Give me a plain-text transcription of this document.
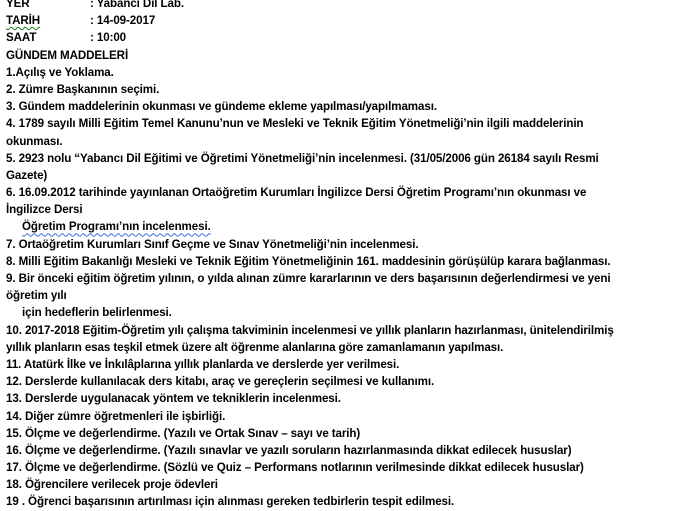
YER	: Yabancı Dil Lab.
TARİH	: 14-09-2017
SAAT	: 10:00
GÜNDEM MADDELERİ
1.Açılış ve Yoklama.
2. Zümre Başkanının seçimi.
3. Gündem maddelerinin okunması ve gündeme ekleme yapılması/yapılmaması.
4. 1789 sayılı Milli Eğitim Temel Kanunu’nun ve Mesleki ve Teknik Eğitim Yönetmeliği’nin ilgili maddelerinin
okunması.
5. 2923 nolu “Yabancı Dil Eğitimi ve Öğretimi Yönetmeliği’nin incelenmesi. (31/05/2006 gün 26184 sayılı Resmi
Gazete)
6. 16.09.2012 tarihinde yayınlanan Ortaöğretim Kurumları İngilizce Dersi Öğretim Programı’nın okunması ve
İngilizce Dersi
Öğretim Programı’nın incelenmesi.
7. Ortaöğretim Kurumları Sınıf Geçme ve Sınav Yönetmeliği’nin incelenmesi.
8. Milli Eğitim Bakanlığı Mesleki ve Teknik Eğitim Yönetmeliğinin 161. maddesinin görüşülüp karara bağlanması.
9. Bir önceki eğitim öğretim yılının, o yılda alınan zümre kararlarının ve ders başarısının değerlendirmesi ve yeni
öğretim yılı
için hedeflerin belirlenmesi.
10. 2017-2018 Eğitim-Öğretim yılı çalışma takviminin incelenmesi ve yıllık planların hazırlanması, ünitelendirilmiş
yıllık planların esas teşkil etmek üzere alt öğrenme alanlarına göre zamanlamanın yapılması.
11. Atatürk İlke ve İnkılâplarına yıllık planlarda ve derslerde yer verilmesi.
12. Derslerde kullanılacak ders kitabı, araç ve gereçlerin seçilmesi ve kullanımı.
13. Derslerde uygulanacak yöntem ve tekniklerin incelenmesi.
14. Diğer zümre öğretmenleri ile işbirliği.
15. Ölçme ve değerlendirme. (Yazılı ve Ortak Sınav – sayı ve tarih)
16. Ölçme ve değerlendirme. (Yazılı sınavlar ve yazılı soruların hazırlanmasında dikkat edilecek hususlar)
17. Ölçme ve değerlendirme. (Sözlü ve Quiz – Performans notlarının verilmesinde dikkat edilecek hususlar)
18. Öğrencilere verilecek proje ödevleri
19 . Öğrenci başarısının artırılması için alınması gereken tedbirlerin tespit edilmesi.
